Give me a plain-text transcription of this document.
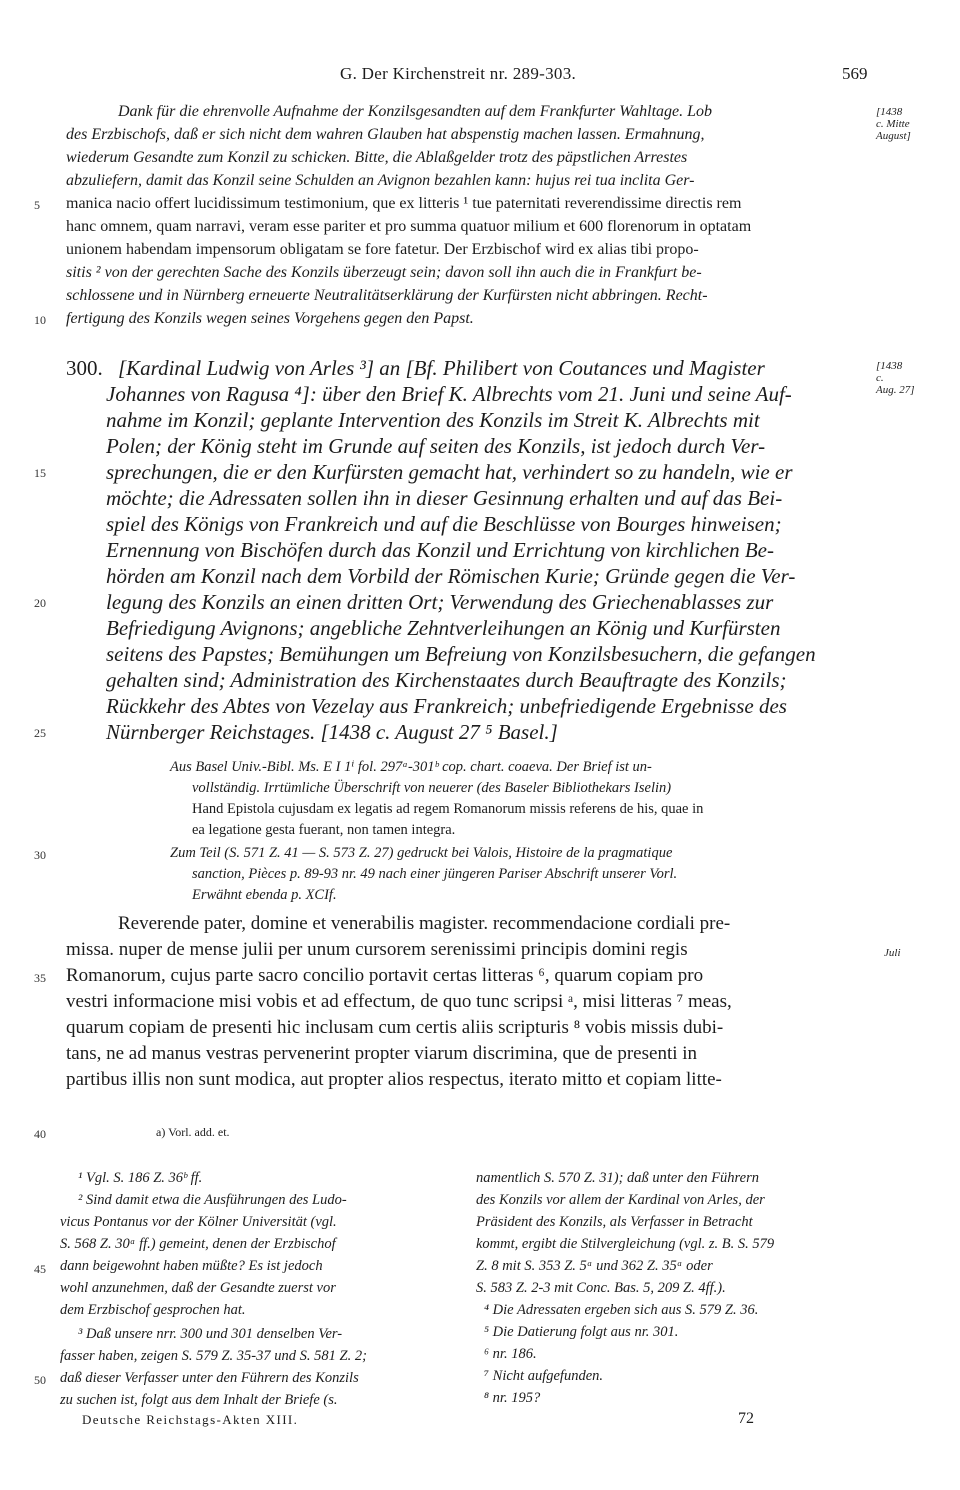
G. Der Kirchenstreit nr. 289-303.	569
Dank für die ehrenvolle Aufnahme der Konzilsgesandten auf dem Frankfurter Wahltage. Lob
des Erzbischofs, daß er sich nicht dem wahren Glauben hat abspenstig machen lassen. Ermahnung,
wiederum Gesandte zum Konzil zu schicken. Bitte, die Ablaßgelder trotz des päpstlichen Arrestes
abzuliefern, damit das Konzil seine Schulden an Avignon bezahlen kann: hujus rei tua inclita Ger-
manica nacio offert lucidissimum testimonium, que ex litteris ¹ tue paternitati reverendissime directis rem
hanc omnem, quam narravi, veram esse pariter et pro summa quatuor milium et 600 florenorum in optatam
unionem habendam impensorum obligatam se fore fatetur. Der Erzbischof wird ex alias tibi propo-
sitis ² von der gerechten Sache des Konzils überzeugt sein; davon soll ihn auch die in Frankfurt be-
schlossene und in Nürnberg erneuerte Neutralitätserklärung der Kurfürsten nicht abbringen. Recht-
fertigung des Konzils wegen seines Vorgehens gegen den Papst.
[1438
c. Mitte
August]
300. [Kardinal Ludwig von Arles ³] an [Bf. Philibert von Coutances und Magister
Johannes von Ragusa ⁴]: über den Brief K. Albrechts vom 21. Juni und seine Auf-
nahme im Konzil; geplante Intervention des Konzils im Streit K. Albrechts mit
Polen; der König steht im Grunde auf seiten des Konzils, ist jedoch durch Ver-
sprechungen, die er den Kurfürsten gemacht hat, verhindert so zu handeln, wie er
möchte; die Adressaten sollen ihn in dieser Gesinnung erhalten und auf das Bei-
spiel des Königs von Frankreich und auf die Beschlüsse von Bourges hinweisen;
Ernennung von Bischöfen durch das Konzil und Errichtung von kirchlichen Be-
hörden am Konzil nach dem Vorbild der Römischen Kurie; Gründe gegen die Ver-
legung des Konzils an einen dritten Ort; Verwendung des Griechenablasses zur
Befriedigung Avignons; angebliche Zehntverleihungen an König und Kurfürsten
seitens des Papstes; Bemühungen um Befreiung von Konzilsbesuchern, die gefangen
gehalten sind; Administration des Kirchenstaates durch Beauftragte des Konzils;
Rückkehr des Abtes von Vezelay aus Frankreich; unbefriedigende Ergebnisse des
Nürnberger Reichstages. [1438 c. August 27 ⁵ Basel.]
[1438
c.
Aug. 27]
Aus Basel Univ.-Bibl. Ms. E I 1ⁱ fol. 297ᵃ-301ᵇ cop. chart. coaeva. Der Brief ist un-
vollständig. Irrtümliche Überschrift von neuerer (des Baseler Bibliothekars Iselin)
Hand Epistola cujusdam ex legatis ad regem Romanorum missis referens de his, quae in
ea legatione gesta fuerant, non tamen integra.
Zum Teil (S. 571 Z. 41 — S. 573 Z. 27) gedruckt bei Valois, Histoire de la pragmatique
sanction, Pièces p. 89-93 nr. 49 nach einer jüngeren Pariser Abschrift unserer Vorl.
Erwähnt ebenda p. XCIf.
Reverende pater, domine et venerabilis magister. recommendacione cordiali pre-
missa. nuper de mense julii per unum cursorem serenissimi principis domini regis
Romanorum, cujus parte sacro concilio portavit certas litteras ⁶, quarum copiam pro
vestri informacione misi vobis et ad effectum, de quo tunc scripsi ᵃ, misi litteras ⁷ meas,
quarum copiam de presenti hic inclusam cum certis aliis scripturis ⁸ vobis missis dubi-
tans, ne ad manus vestras pervenerint propter viarum discrimina, que de presenti in
partibus illis non sunt modica, aut propter alios respectus, iterato mitto et copiam litte-
Juli
a) Vorl. add. et.
¹ Vgl. S. 186 Z. 36ᵇ ff.
² Sind damit etwa die Ausführungen des Ludo-
vicus Pontanus vor der Kölner Universität (vgl.
S. 568 Z. 30ᵃ ff.) gemeint, denen der Erzbischof
dann beigewohnt haben müßte? Es ist jedoch
wohl anzunehmen, daß der Gesandte zuerst vor
dem Erzbischof gesprochen hat.
³ Daß unsere nrr. 300 und 301 denselben Ver-
fasser haben, zeigen S. 579 Z. 35-37 und S. 581 Z. 2;
daß dieser Verfasser unter den Führern des Konzils
zu suchen ist, folgt aus dem Inhalt der Briefe (s.
namentlich S. 570 Z. 31); daß unter den Führern
des Konzils vor allem der Kardinal von Arles, der
Präsident des Konzils, als Verfasser in Betracht
kommt, ergibt die Stilvergleichung (vgl. z. B. S. 579
Z. 8 mit S. 353 Z. 5ᵃ und 362 Z. 35ᵃ oder
S. 583 Z. 2-3 mit Conc. Bas. 5, 209 Z. 4ff.).
⁴ Die Adressaten ergeben sich aus S. 579 Z. 36.
⁵ Die Datierung folgt aus nr. 301.
⁶ nr. 186.
⁷ Nicht aufgefunden.
⁸ nr. 195?
5
10
15
20
25
30
35
40
45
50
Deutsche Reichstags-Akten XIII.	72
